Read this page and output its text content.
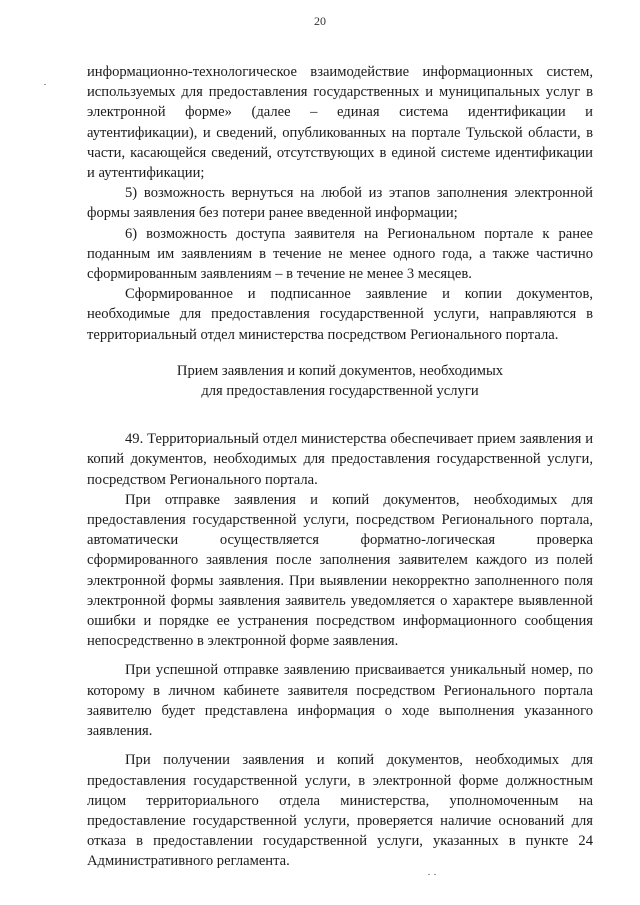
20

информационно-технологическое взаимодействие информационных систем, используемых для предоставления государственных и муниципальных услуг в электронной форме» (далее – единая система идентификации и аутентификации), и сведений, опубликованных на портале Тульской области, в части, касающейся сведений, отсутствующих в единой системе идентификации и аутентификации;

5) возможность вернуться на любой из этапов заполнения электронной формы заявления без потери ранее введенной информации;

6) возможность доступа заявителя на Региональном портале к ранее поданным им заявлениям в течение не менее одного года, а также частично сформированным заявлениям – в течение не менее 3 месяцев.

Сформированное и подписанное заявление и копии документов, необходимые для предоставления государственной услуги, направляются в территориальный отдел министерства посредством Регионального портала.

Прием заявления и копий документов, необходимых
для предоставления государственной услуги

49. Территориальный отдел министерства обеспечивает прием заявления и копий документов, необходимых для предоставления государственной услуги, посредством Регионального портала.

При отправке заявления и копий документов, необходимых для предоставления государственной услуги, посредством Регионального портала, автоматически осуществляется форматно-логическая проверка сформированного заявления после заполнения заявителем каждого из полей электронной формы заявления. При выявлении некорректно заполненного поля электронной формы заявления заявитель уведомляется о характере выявленной ошибки и порядке ее устранения посредством информационного сообщения непосредственно в электронной форме заявления.

При успешной отправке заявлению присваивается уникальный номер, по которому в личном кабинете заявителя посредством Регионального портала заявителю будет представлена информация о ходе выполнения указанного заявления.

При получении заявления и копий документов, необходимых для предоставления государственной услуги, в электронной форме должностным лицом территориального отдела министерства, уполномоченным на предоставление государственной услуги, проверяется наличие оснований для отказа в предоставлении государственной услуги, указанных в пункте 24 Административного регламента.
